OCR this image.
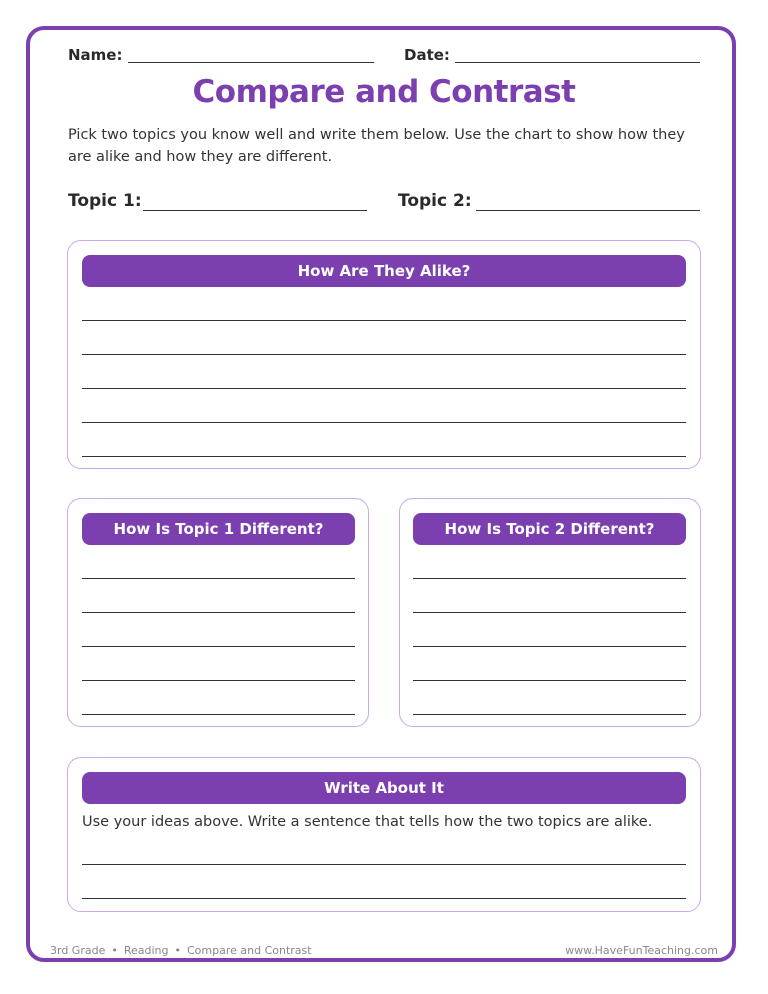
Name:	Date:
Compare and Contrast
Pick two topics you know well and write them below. Use the chart to show how they are alike and how they are different.
Topic 1:	Topic 2:
How Are They Alike?
How Is Topic 1 Different?	How Is Topic 2 Different?
Write About It
Use your ideas above. Write a sentence that tells how the two topics are alike.
3rd Grade • Reading • Compare and Contrast	www.HaveFunTeaching.com
